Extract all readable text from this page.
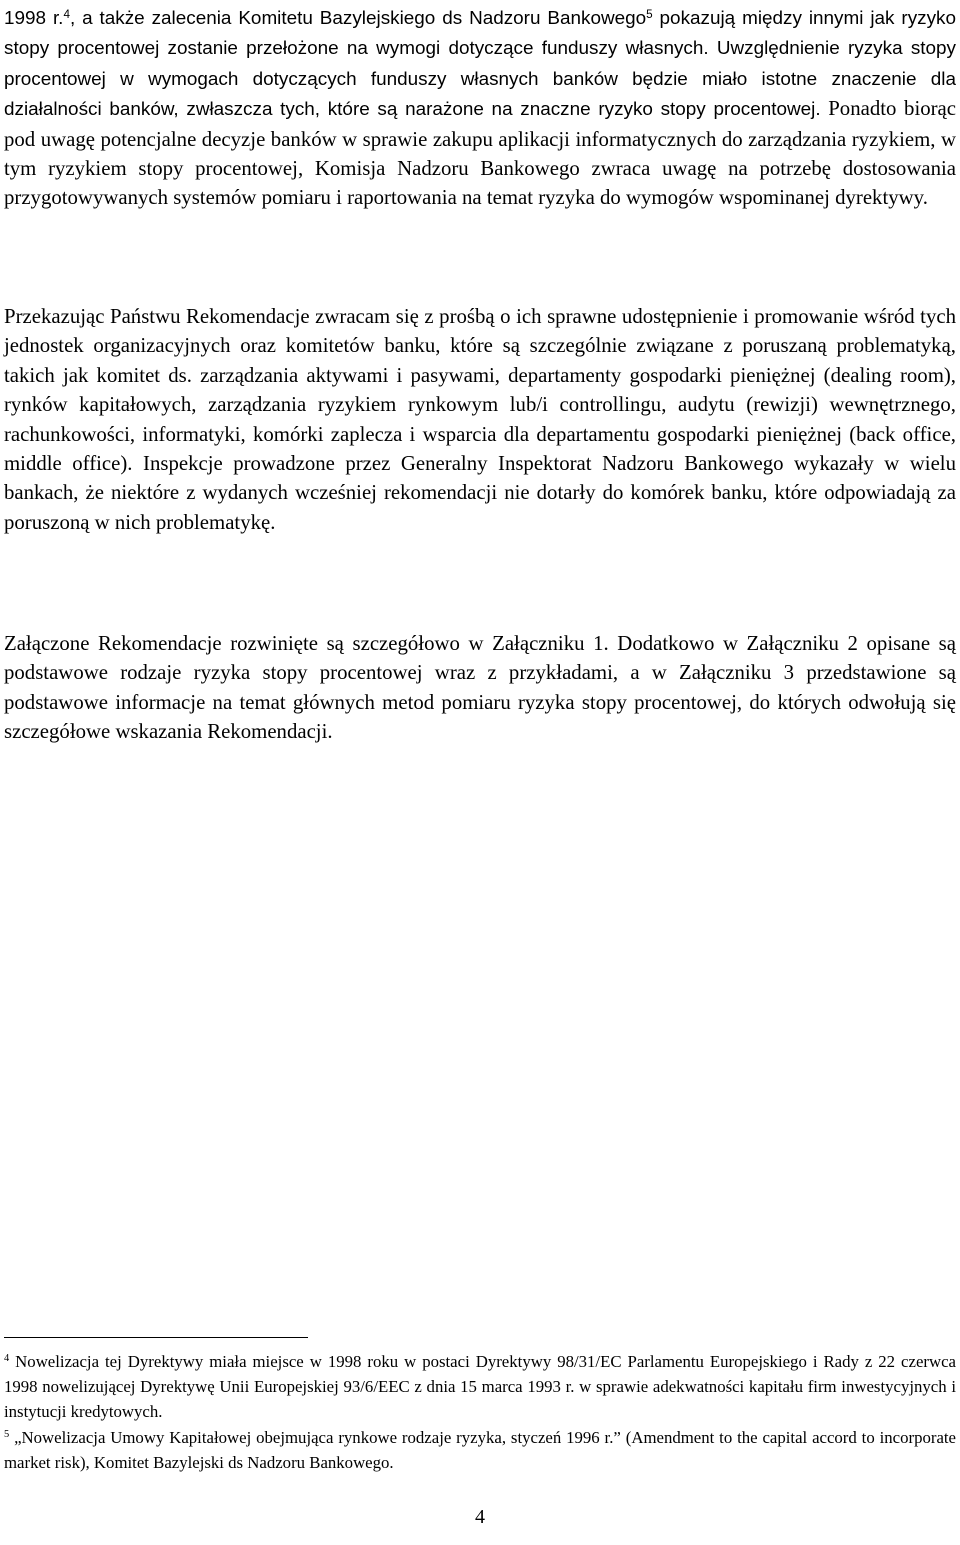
1998 r.$^4$, a także zalecenia Komitetu Bazylejskiego ds Nadzoru Bankowego$^5$ pokazują między innymi jak ryzyko stopy procentowej zostanie przełożone na wymogi dotyczące funduszy własnych. Uwzględnienie ryzyka stopy procentowej w wymogach dotyczących funduszy własnych banków będzie miało istotne znaczenie dla działalności banków, zwłaszcza tych, które są narażone na znaczne ryzyko stopy procentowej. Ponadto biorąc pod uwagę potencjalne decyzje banków w sprawie zakupu aplikacji informatycznych do zarządzania ryzykiem, w tym ryzykiem stopy procentowej, Komisja Nadzoru Bankowego zwraca uwagę na potrzebę dostosowania przygotowywanych systemów pomiaru i raportowania na temat ryzyka do wymogów wspominanej dyrektywy.

Przekazując Państwu Rekomendacje zwracam się z prośbą o ich sprawne udostępnienie i promowanie wśród tych jednostek organizacyjnych oraz komitetów banku, które są szczególnie związane z poruszaną problematyką, takich jak komitet ds. zarządzania aktywami i pasywami, departamenty gospodarki pieniężnej (dealing room), rynków kapitałowych, zarządzania ryzykiem rynkowym lub/i controllingu, audytu (rewizji) wewnętrznego, rachunkowości, informatyki, komórki zaplecza i wsparcia dla departamentu gospodarki pieniężnej (back office, middle office). Inspekcje prowadzone przez Generalny Inspektorat Nadzoru Bankowego wykazały w wielu bankach, że niektóre z wydanych wcześniej rekomendacji nie dotarły do komórek banku, które odpowiadają za poruszoną w nich problematykę.

Załączone Rekomendacje rozwinięte są szczegółowo w Załączniku 1. Dodatkowo w Załączniku 2 opisane są podstawowe rodzaje ryzyka stopy procentowej wraz z przykładami, a w Załączniku 3 przedstawione są podstawowe informacje na temat głównych metod pomiaru ryzyka stopy procentowej, do których odwołują się szczegółowe wskazania Rekomendacji.

$^4$ Nowelizacja tej Dyrektywy miała miejsce w 1998 roku w postaci Dyrektywy 98/31/EC Parlamentu Europejskiego i Rady z 22 czerwca 1998 nowelizującej Dyrektywę Unii Europejskiej 93/6/EEC z dnia 15 marca 1993 r. w sprawie adekwatności kapitału firm inwestycyjnych i instytucji kredytowych.

$^5$ „Nowelizacja Umowy Kapitałowej obejmująca rynkowe rodzaje ryzyka, styczeń 1996 r.” (Amendment to the capital accord to incorporate market risk), Komitet Bazylejski ds Nadzoru Bankowego.

4
